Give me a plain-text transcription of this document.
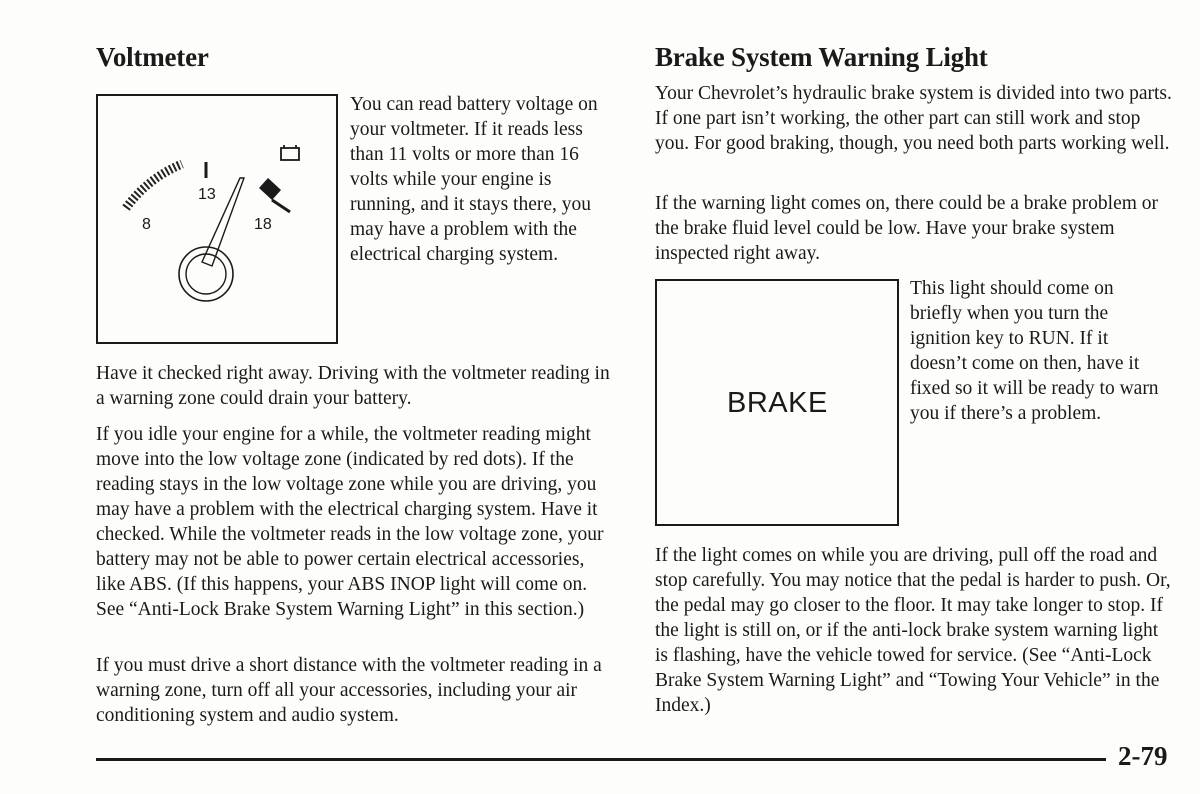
Voltmeter
8
13
18

You can read battery voltage on your voltmeter. If it reads less than 11 volts or more than 16 volts while your engine is running, and it stays there, you may have a problem with the electrical charging system.

Have it checked right away. Driving with the voltmeter reading in a warning zone could drain your battery.

If you idle your engine for a while, the voltmeter reading might move into the low voltage zone (indicated by red dots). If the reading stays in the low voltage zone while you are driving, you may have a problem with the electrical charging system. Have it checked. While the voltmeter reads in the low voltage zone, your battery may not be able to power certain electrical accessories, like ABS. (If this happens, your ABS INOP light will come on. See “Anti-Lock Brake System Warning Light” in this section.)

If you must drive a short distance with the voltmeter reading in a warning zone, turn off all your accessories, including your air conditioning system and audio system.

Brake System Warning Light

Your Chevrolet’s hydraulic brake system is divided into two parts. If one part isn’t working, the other part can still work and stop you. For good braking, though, you need both parts working well.

If the warning light comes on, there could be a brake problem or the brake fluid level could be low. Have your brake system inspected right away.

BRAKE

This light should come on briefly when you turn the ignition key to RUN. If it doesn’t come on then, have it fixed so it will be ready to warn you if there’s a problem.

If the light comes on while you are driving, pull off the road and stop carefully. You may notice that the pedal is harder to push. Or, the pedal may go closer to the floor. It may take longer to stop. If the light is still on, or if the anti-lock brake system warning light is flashing, have the vehicle towed for service. (See “Anti-Lock Brake System Warning Light” and “Towing Your Vehicle” in the Index.)

2-79
